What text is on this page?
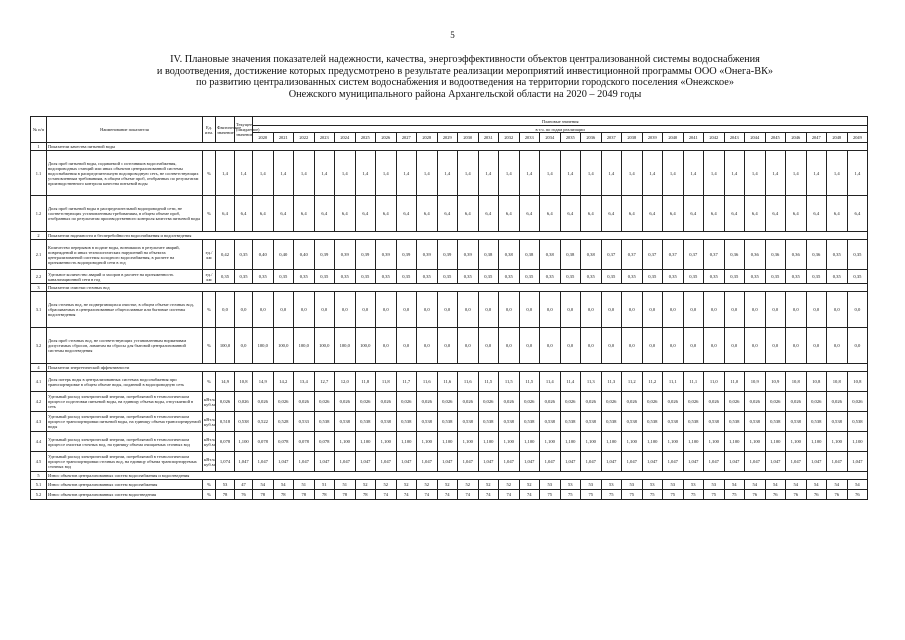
5
IV. Плановые значения показателей надежности, качества, энергоэффективности объектов централизованной системы водоснабжения
и водоотведения, достижение которых предусмотрено в результате реализации мероприятий инвестиционной программы ООО «Онега-ВК»
по развитию централизованных систем водоснабжения и водоотведения на территории городского поселения «Онежское»
Онежского муниципального района Архангельской области на 2020 – 2049 годы
№ п/п	Наименование показателя	Ед. изм.	Фактическое значение	Текущее (ожидаемое) значение	Плановые значения																													
					в т.ч. по годам реализации																													
					2020	2021	2022	2023	2024	2025	2026	2027	2028	2029	2030	2031	2032	2033	2034	2035	2036	2037	2038	2039	2040	2041	2042	2043	2044	2045	2046	2047	2048	2049
1	Показатели качества питьевой воды																																	
1.1	Доля проб питьевой воды, подаваемой с источников водоснабжения, водопроводных станций или иных объектов централизованной системы водоснабжения в распределительную водопроводную сеть, не соответствующих установленным требованиям, в общем объеме проб, отобранных по результатам производственного контроля качества питьевой воды	%	1,4	1,4	1,4	1,4	1,4	1,4	1,4	1,4	1,4	1,4	1,4	1,4	1,4	1,4	1,4	1,4	1,4	1,4	1,4	1,4	1,4	1,4	1,4	1,4	1,4	1,4	1,4	1,4	1,4	1,4	1,4	1,4
1.2	Доля проб питьевой воды в распределительной водопроводной сети, не соответствующих установленным требованиям, в общем объеме проб, отобранных по результатам производственного контроля качества питьевой воды	%	6,4	6,4	6,4	6,4	6,4	6,4	6,4	6,4	6,4	6,4	6,4	6,4	6,4	6,4	6,4	6,4	6,4	6,4	6,4	6,4	6,4	6,4	6,4	6,4	6,4	6,4	6,4	6,4	6,4	6,4	6,4	6,4
2	Показатели надежности и бесперебойности водоснабжения и водоотведения																																	
2.1	Количество перерывов в подаче воды, возникших в результате аварий, повреждений и иных технологических нарушений на объектах централизованной системы холодного водоснабжения, в расчете на протяженность водопроводной сети в год	ед./км	0,42	0,35	0,40	0,40	0,40	0,39	0,39	0,39	0,39	0,39	0,39	0,39	0,39	0,38	0,38	0,38	0,38	0,38	0,38	0,37	0,37	0,37	0,37	0,37	0,37	0,36	0,36	0,36	0,36	0,36	0,35	0,35
2.2	Удельное количество аварий и засоров в расчете на протяженность канализационной сети в год	ед./км	0,35	0,35	0,35	0,35	0,35	0,35	0,35	0,35	0,35	0,35	0,35	0,35	0,35	0,35	0,35	0,35	0,35	0,35	0,35	0,35	0,35	0,35	0,35	0,35	0,35	0,35	0,35	0,35	0,35	0,35	0,35	0,35
3	Показатели очистки сточных вод																																	
3.1	Доля сточных вод, не подвергающихся очистке, в общем объеме сточных вод, сбрасываемых в централизованные общесплавные или бытовые системы водоотведения	%	0,0	0,0	0,0	0,0	0,0	0,0	0,0	0,0	0,0	0,0	0,0	0,0	0,0	0,0	0,0	0,0	0,0	0,0	0,0	0,0	0,0	0,0	0,0	0,0	0,0	0,0	0,0	0,0	0,0	0,0	0,0	0,0
3.2	Доля проб сточных вод, не соответствующих установленным нормативам допустимых сбросов, лимитам на сбросы для бытовой централизованной системы водоотведения	%	100,0	0,0	100,0	100,0	100,0	100,0	100,0	100,0	0,0	0,0	0,0	0,0	0,0	0,0	0,0	0,0	0,0	0,0	0,0	0,0	0,0	0,0	0,0	0,0	0,0	0,0	0,0	0,0	0,0	0,0	0,0	0,0
4	Показатели энергетической эффективности																																	
4.1	Доля потерь воды в централизованных системах водоснабжения при транспортировке в общем объеме воды, поданной в водопроводную сеть	%	14,9	10,8	14,9	14,2	13,4	12,7	12,0	11,8	11,8	11,7	11,6	11,6	11,6	11,5	11,5	11,5	11,4	11,4	11,3	11,3	11,2	11,2	11,1	11,1	11,0	11,0	10,9	10,9	10,8	10,8	10,8	10,8
4.2	Удельный расход электрической энергии, потребляемой в технологическом процессе подготовки питьевой воды, на единицу объема воды, отпускаемой в сеть	кВт.ч/куб.м	0,026	0,026	0,026	0,026	0,026	0,026	0,026	0,026	0,026	0,026	0,026	0,026	0,026	0,026	0,026	0,026	0,026	0,026	0,026	0,026	0,026	0,026	0,026	0,026	0,026	0,026	0,026	0,026	0,026	0,026	0,026	0,026
4.3	Удельный расход электрической энергии, потребляемой в технологическом процессе транспортировки питьевой воды, на единицу объема транспортируемой воды	кВт.ч/куб.м	0,518	0,538	0,522	0,528	0,533	0,538	0,538	0,538	0,538	0,538	0,538	0,538	0,538	0,538	0,538	0,538	0,538	0,538	0,538	0,538	0,538	0,538	0,538	0,538	0,538	0,538	0,538	0,538	0,538	0,538	0,538	0,538
4.4	Удельный расход электрической энергии, потребляемой в технологическом процессе очистки сточных вод, на единицу объема очищаемых сточных вод	кВт.ч/куб.м	0,078	1,100	0,078	0,078	0,078	0,078	1,100	1,100	1,100	1,100	1,100	1,100	1,100	1,100	1,100	1,100	1,100	1,100	1,100	1,100	1,100	1,100	1,100	1,100	1,100	1,100	1,100	1,100	1,100	1,100	1,100	1,100
4.5	Удельный расход электрической энергии, потребляемой в технологическом процессе транспортировки сточных вод, на единицу объема транспортируемых сточных вод	кВт.ч/куб.м	1,074	1,047	1,047	1,047	1,047	1,047	1,047	1,047	1,047	1,047	1,047	1,047	1,047	1,047	1,047	1,047	1,047	1,047	1,047	1,047	1,047	1,047	1,047	1,047	1,047	1,047	1,047	1,047	1,047	1,047	1,047	1,047
5	Износ объектов централизованных систем водоснабжения и водоотведения																																	
5.1	Износ объектов централизованных систем водоснабжения	%	53	47	54	54	51	51	51	52	52	52	52	52	52	52	52	52	53	53	53	53	53	53	53	53	53	54	54	54	54	54	54	54
5.2	Износ объектов централизованных систем водоотведения	%	78	76	78	78	78	78	78	78	74	74	74	74	74	74	74	74	75	75	75	75	75	75	75	75	75	75	76	76	76	76	76	76
